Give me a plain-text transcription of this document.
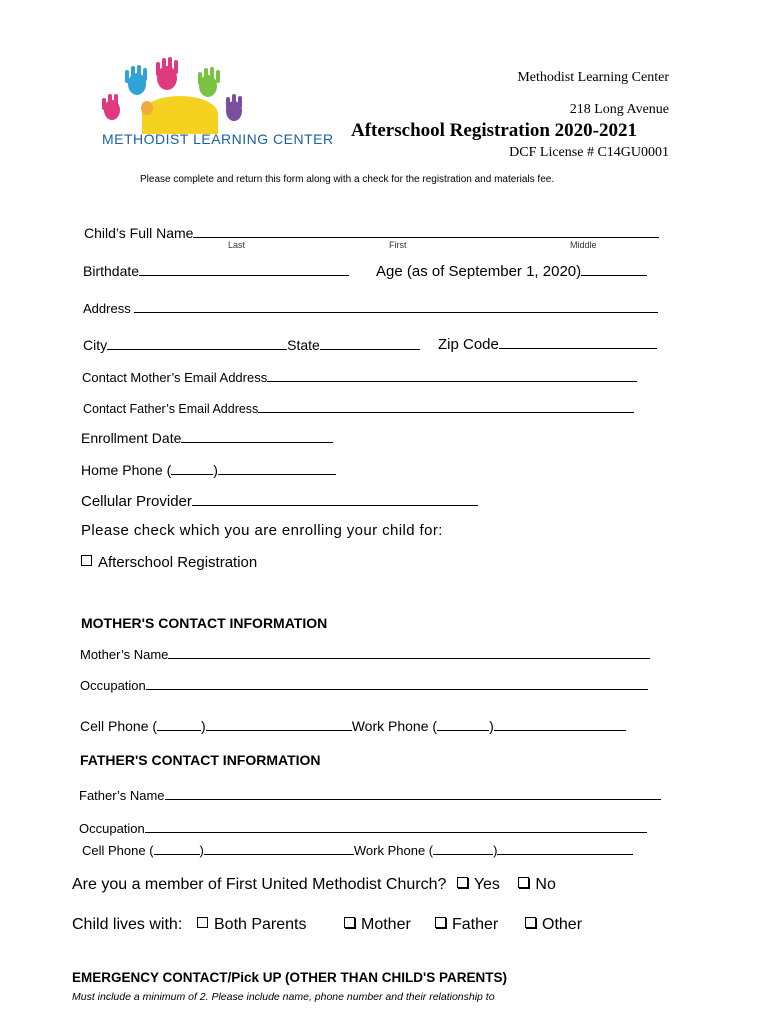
METHODIST LEARNING CENTER
Methodist Learning Center
218 Long Avenue
Afterschool Registration 2020-2021
DCF License # C14GU0001
Please complete and return this form along with a check for the registration and materials fee.
Child’s Full Name
Last	First	Middle
Birthdate	Age (as of September 1, 2020)
Address
City	State	Zip Code
Contact Mother’s Email Address
Contact Father’s Email Address
Enrollment Date
Home Phone (	)
Cellular Provider
Please check which you are enrolling your child for:
Afterschool Registration
MOTHER'S CONTACT INFORMATION
Mother’s Name
Occupation
Cell Phone (	)	Work Phone (	)
FATHER'S CONTACT INFORMATION
Father’s Name
Occupation
Cell Phone (	)	Work Phone (	)
Are you a member of First United Methodist Church? Yes No
Child lives with:	Both Parents	Mother	Father	Other
EMERGENCY CONTACT/Pick UP (OTHER THAN CHILD'S PARENTS)
Must include a minimum of 2. Please include name, phone number and their relationship to
